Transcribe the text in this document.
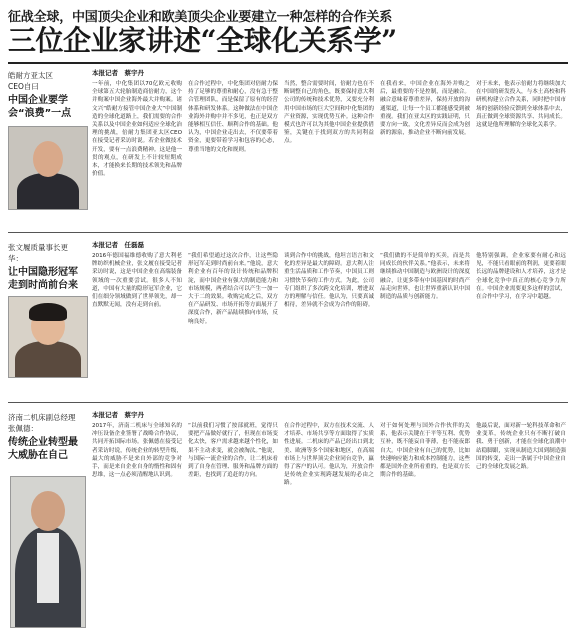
征战全球，中国顶尖企业和欧美顶尖企业要建立一种怎样的合作关系
三位企业家讲述“全球化关系学”
皓耐方亚太区
CEO自曰
中国企业要学会“浪费”一点
本报记者　蔡宇丹
一年前，中化集团以70亿欧元收购全球第五大轮胎制造商倍耐力，这个并购案中国企业海外最大并购案。诸文兴“皓耐方接管中国企业大”中国制造的全球化道路上，我们需要的合作关系以及中国企业如何适应全球化治理的挑战，倍耐力集团亚太区CEO在接受记者采访时说。若企业做技术开发，要有一点浪费精神。这是他一贯的观点，在研发上不计较短期成本，才能换来长期的技术领先和品牌价值。
在合作过程中，中化集团对倍耐力保持了足够的尊重和耐心，没有急于整合管理团队，而是保留了原有的经营体系和研发体系。这种做法在中国企业海外并购中并不多见，也正是双方能够相互信任、顺利合作的基础。他认为，中国企业走出去，不仅要带着资金，更要带着学习和包容的心态，尊重当地的文化和规则。
当然，整合需要时间，倍耐力也在不断调整自己的角色，既要保持意大利公司的传统和技术优势，又要充分利用中国市场的巨大空间和中化集团的产业资源，实现优势互补。这种合作模式也许可以为其他中国企业提供借鉴，关键在于找到双方的共同利益点。
在我看来，中国企业在海外并购之后，最重要的不是控制，而是融合。融合意味着尊重差异，保持开放的沟通渠道，让每一个员工都能感受到被重视。我们在亚太区的实践证明，只要方向一致，文化差异反而会成为创新的源泉，推动企业不断向前发展。
对于未来，他表示倍耐力将继续加大在中国的研发投入，与本土高校和科研机构建立合作关系，同时把中国市场的创新经验反馈到全球体系中去，真正做到全球资源共享、共同成长。这就是他所理解的全球化关系学。
张文履质量事长更华：
让中国隐形冠军走到时尚前台来
本报记者　任磊磊
2016年德国福维德收购了意大利老牌纺织机械企业，张文履在接受记者采访时说，这是中国企业在高端装备领域的一次重要尝试。很多人不知道，中国有大量的隐形冠军企业，它们在细分领域做到了世界领先，却一直默默无闻，没有走到台前。
“我们希望通过这次合作，让这些隐形冠军走到时尚前台来。”他说，意大利企业有百年的设计传统和品牌积淀，而中国企业有强大的制造能力和市场规模，两者结合可以产生一加一大于二的效果。收购完成之后，双方在产品研发、市场开拓等方面展开了深度合作，新产品陆续推向市场，反响良好。
谈到合作中的挑战，他坦言语言和文化的差异是最大的障碍。意大利人注重生活品质和工作节奏，中国员工则习惯快节奏的工作方式。为此，公司专门组织了多次跨文化培训，增进双方的理解与信任。他认为，只要真诚相待，差异就不会成为合作的阻碍。
“我们做的不是简单的买卖，而是共同成长的伙伴关系。”他表示，未来将继续推动中国制造与欧洲设计的深度融合，让更多带有中国基因的时尚产品走向世界，也让世界重新认识中国制造的品质与创新能力。
他特别强调，企业家要有耐心和远见，不能只看眼前的利润，更要着眼长远的品牌建设和人才培养，这才是全球化竞争中真正的核心竞争力所在。中国企业需要更多这样的尝试，在合作中学习，在学习中超越。
济南二机床副总经理
张佩德：
传统企业转型最大威胁在自己
本报记者　蔡宇丹
2017年，济南二机床与全球知名的冲压设备企业签署了战略合作协议，共同开拓国际市场。张佩德在接受记者采访时说，传统企业的转型升级，最大的威胁不是来自外部的竞争对手，而是来自企业自身的惰性和固有思维，这一点必须清醒地认识到。
“以前我们习惯了按部就班，觉得只要把产品做好就行了，但现在市场变化太快，客户需求越来越个性化，如果不主动求变，就会被淘汰。”他说，与国际一流企业的合作，让二机床看到了自身在管理、服务和品牌方面的差距，也找到了追赶的方向。
在合作过程中，双方在技术交流、人才培养、市场共享等方面取得了实质性进展。二机床的产品已经出口到北美、欧洲等多个国家和地区，在高端市场上与世界顶尖企业同台竞争，赢得了客户的认可。他认为，开放合作是传统企业实现跨越发展的必由之路。
对于如何处理与国外合作伙伴的关系，他表示关键在于平等互利、优势互补，既不能妄自菲薄，也不能夜郎自大。中国企业有自己的优势，比如快速响应能力和成本控制能力，这些都是国外企业所看重的，也是双方长期合作的基础。
他最后说，面对新一轮科技革命和产业变革，传统企业只有不断打破自我、勇于创新，才能在全球化浪潮中站稳脚跟，实现从制造大国到制造强国的转变，走出一条属于中国企业自己的全球化发展之路。
